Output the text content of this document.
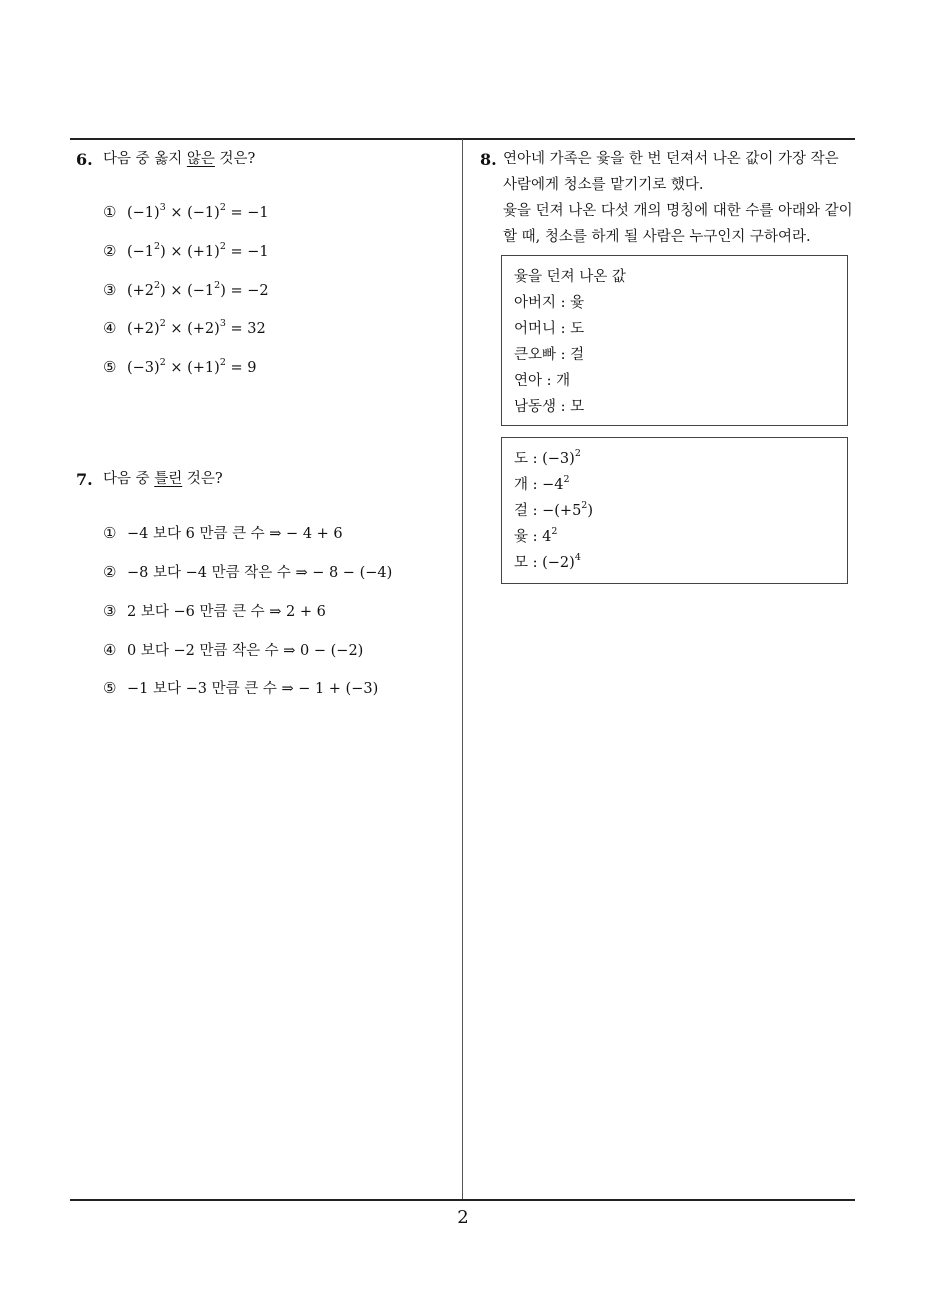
6. 다음 중 옳지 않은 것은?
① $(-1)^3 \times (-1)^2 = -1$
② $(-1^2) \times (+1)^2 = -1$
③ $(+2^2) \times (-1^2) = -2$
④ $(+2)^2 \times (+2)^3 = 32$
⑤ $(-3)^2 \times (+1)^2 = 9$
7. 다음 중 틀린 것은?
① −4 보다 6 만큼 큰 수 ⇒ − 4 + 6
② −8 보다 −4 만큼 작은 수 ⇒ − 8 − (−4)
③ 2 보다 −6 만큼 큰 수 ⇒ 2 + 6
④ 0 보다 −2 만큼 작은 수 ⇒ 0 − (−2)
⑤ −1 보다 −3 만큼 큰 수 ⇒ − 1 + (−3)
8. 연아네 가족은 윷을 한 번 던져서 나온 값이 가장 작은
사람에게 청소를 맡기기로 했다.
윷을 던져 나온 다섯 개의 명칭에 대한 수를 아래와 같이
할 때, 청소를 하게 될 사람은 누구인지 구하여라.
윷을 던져 나온 값
아버지 : 윷
어머니 : 도
큰오빠 : 걸
연아 : 개
남동생 : 모
도 : $(-3)^2$
개 : $-4^2$
걸 : $-(+5^2)$
윷 : $4^2$
모 : $(-2)^4$
2
